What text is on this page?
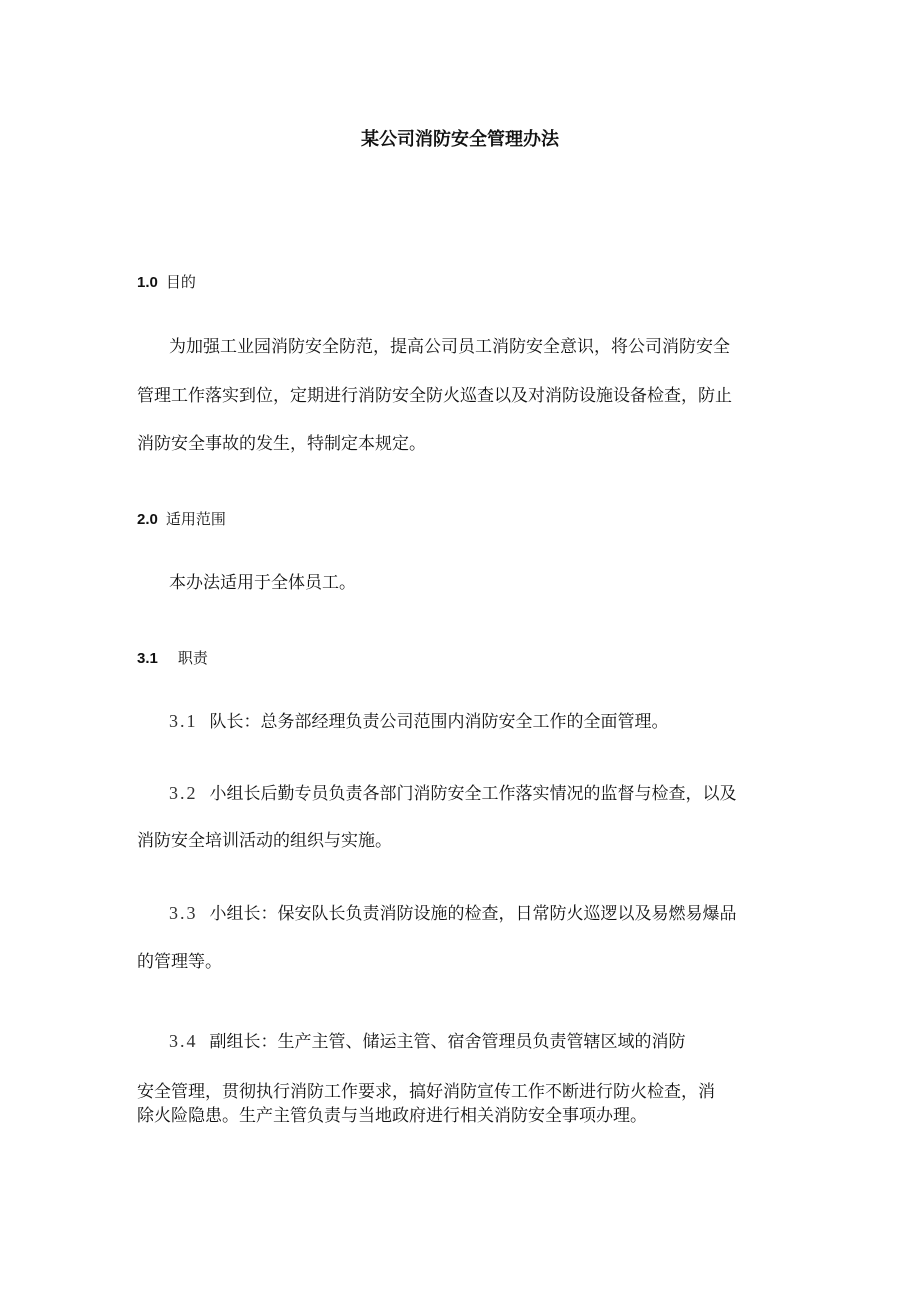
某公司消防安全管理办法
1.0 目的
为加强工业园消防安全防范，提高公司员工消防安全意识，将公司消防安全
管理工作落实到位，定期进行消防安全防火巡查以及对消防设施设备检查，防止
消防安全事故的发生，特制定本规定。
2.0 适用范围
本办法适用于全体员工。
3.1 职责
3.1 队长：总务部经理负责公司范围内消防安全工作的全面管理。
3.2 小组长后勤专员负责各部门消防安全工作落实情况的监督与检查，以及
消防安全培训活动的组织与实施。
3.3 小组长：保安队长负责消防设施的检查，日常防火巡逻以及易燃易爆品
的管理等。
3.4 副组长：生产主管、储运主管、宿舍管理员负责管辖区域的消防
安全管理，贯彻执行消防工作要求，搞好消防宣传工作不断进行防火检查，消
除火险隐患。生产主管负责与当地政府进行相关消防安全事项办理。
